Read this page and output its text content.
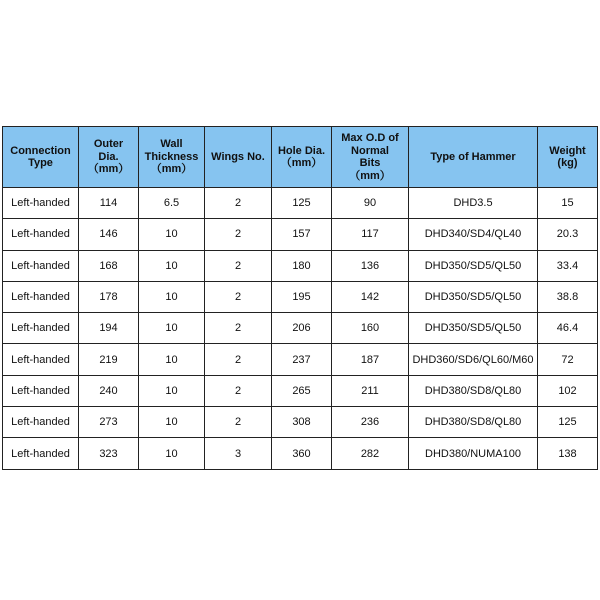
Connection
Type	Outer
Dia.
（mm）	Wall
Thickness
（mm）	Wings No.	Hole Dia.
（mm）	Max O.D of
Normal
Bits
（mm）	Type of Hammer	Weight
(kg)

Left-handed	114	6.5	2	125	90	DHD3.5	15
Left-handed	146	10	2	157	117	DHD340/SD4/QL40	20.3
Left-handed	168	10	2	180	136	DHD350/SD5/QL50	33.4
Left-handed	178	10	2	195	142	DHD350/SD5/QL50	38.8
Left-handed	194	10	2	206	160	DHD350/SD5/QL50	46.4
Left-handed	219	10	2	237	187	DHD360/SD6/QL60/M60	72
Left-handed	240	10	2	265	211	DHD380/SD8/QL80	102
Left-handed	273	10	2	308	236	DHD380/SD8/QL80	125
Left-handed	323	10	3	360	282	DHD380/NUMA100	138
